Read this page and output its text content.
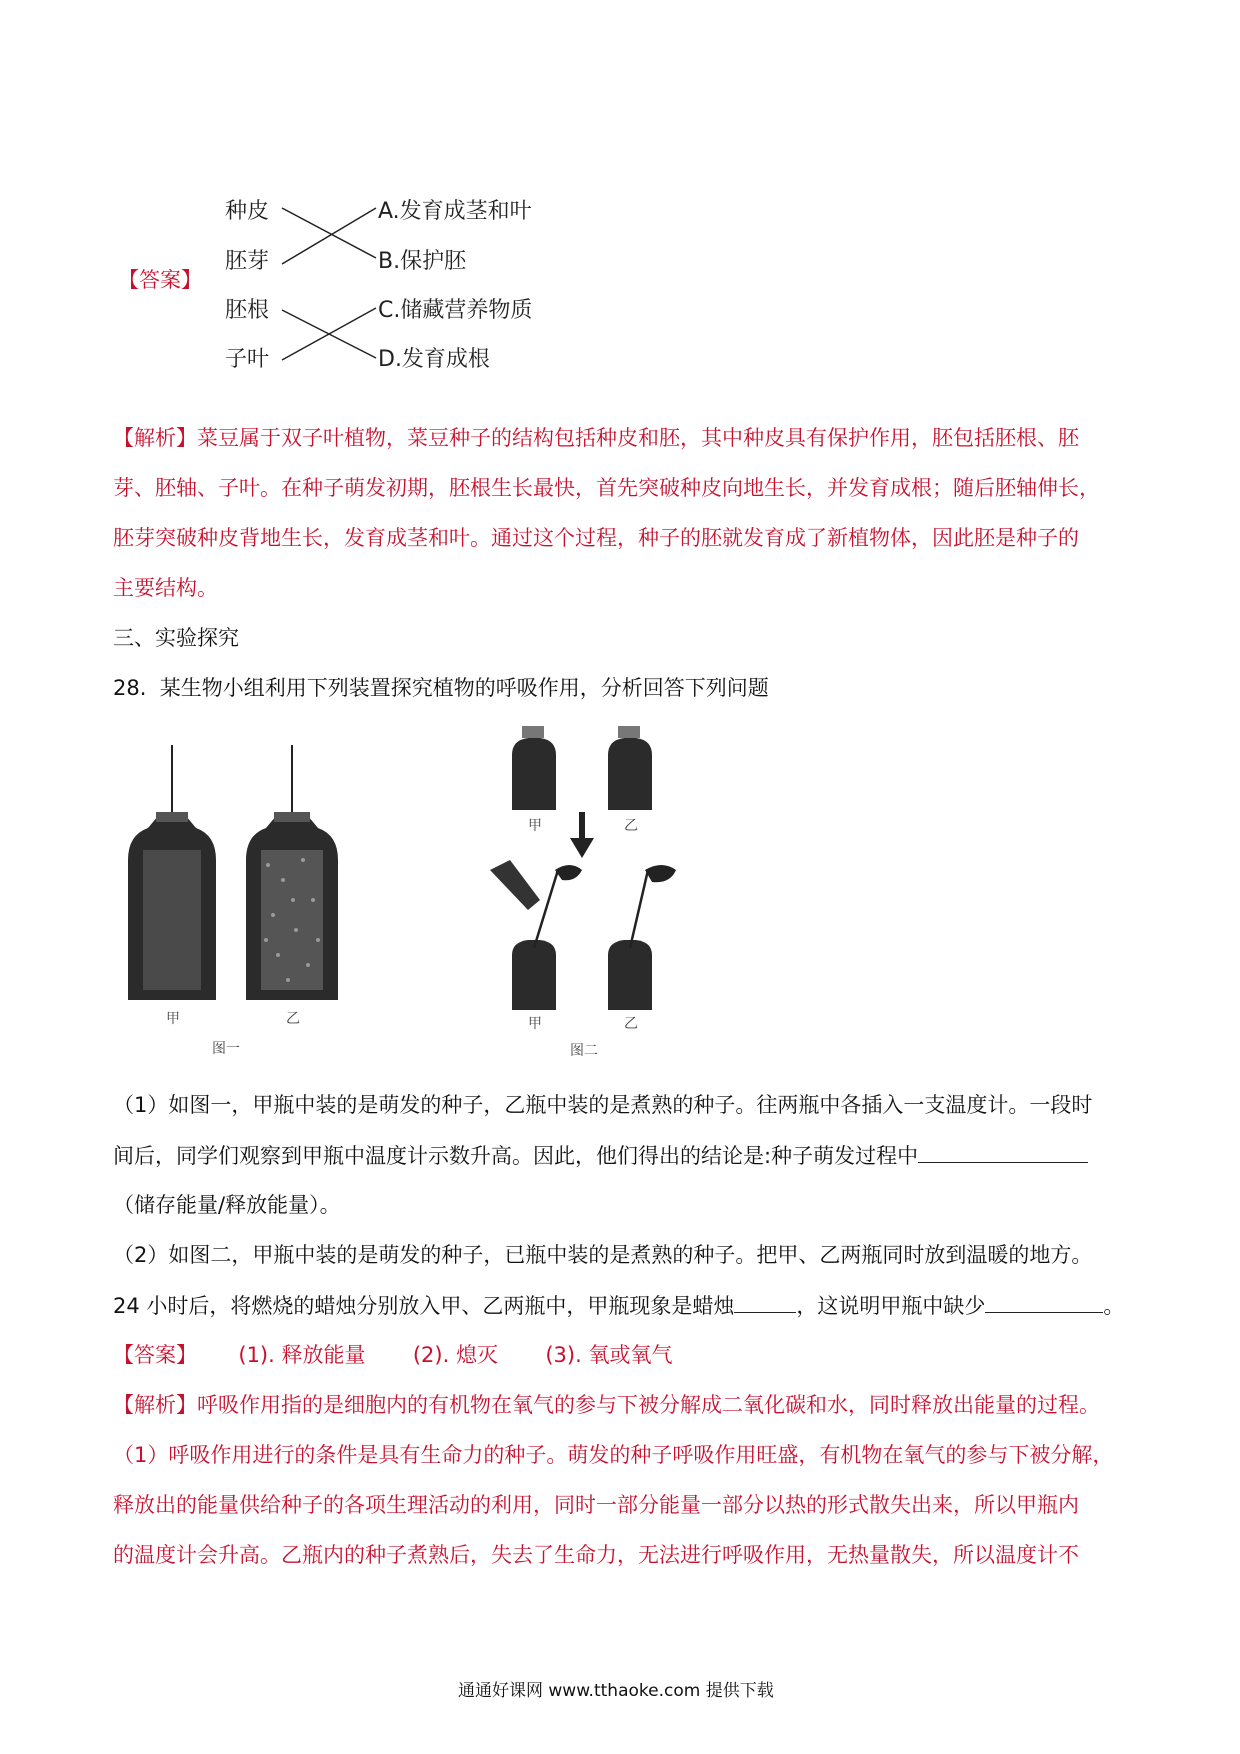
【答案】
种皮
胚芽
胚根
子叶
A.发育成茎和叶
B.保护胚
C.储藏营养物质
D.发育成根
【解析】菜豆属于双子叶植物，菜豆种子的结构包括种皮和胚，其中种皮具有保护作用，胚包括胚根、胚
芽、胚轴、子叶。在种子萌发初期，胚根生长最快，首先突破种皮向地生长，并发育成根；随后胚轴伸长，
胚芽突破种皮背地生长，发育成茎和叶。通过这个过程，种子的胚就发育成了新植物体，因此胚是种子的
主要结构。
三、实验探究
28. 某生物小组利用下列装置探究植物的呼吸作用，分析回答下列问题
甲	乙
图一
甲	乙
甲	乙
图二
（1）如图一，甲瓶中装的是萌发的种子，乙瓶中装的是煮熟的种子。往两瓶中各插入一支温度计。一段时
间后，同学们观察到甲瓶中温度计示数升高。因此，他们得出的结论是:种子萌发过程中
（储存能量/释放能量）。
（2）如图二，甲瓶中装的是萌发的种子，已瓶中装的是煮熟的种子。把甲、乙两瓶同时放到温暖的地方。
24 小时后，将燃烧的蜡烛分别放入甲、乙两瓶中，甲瓶现象是蜡烛	，这说明甲瓶中缺少	。
【答案】 (1). 释放能量 (2). 熄灭 (3). 氧或氧气
【解析】呼吸作用指的是细胞内的有机物在氧气的参与下被分解成二氧化碳和水，同时释放出能量的过程。
（1）呼吸作用进行的条件是具有生命力的种子。萌发的种子呼吸作用旺盛，有机物在氧气的参与下被分解，
释放出的能量供给种子的各项生理活动的利用，同时一部分能量一部分以热的形式散失出来，所以甲瓶内
的温度计会升高。乙瓶内的种子煮熟后，失去了生命力，无法进行呼吸作用，无热量散失，所以温度计不
通通好课网 www.tthaoke.com 提供下载
